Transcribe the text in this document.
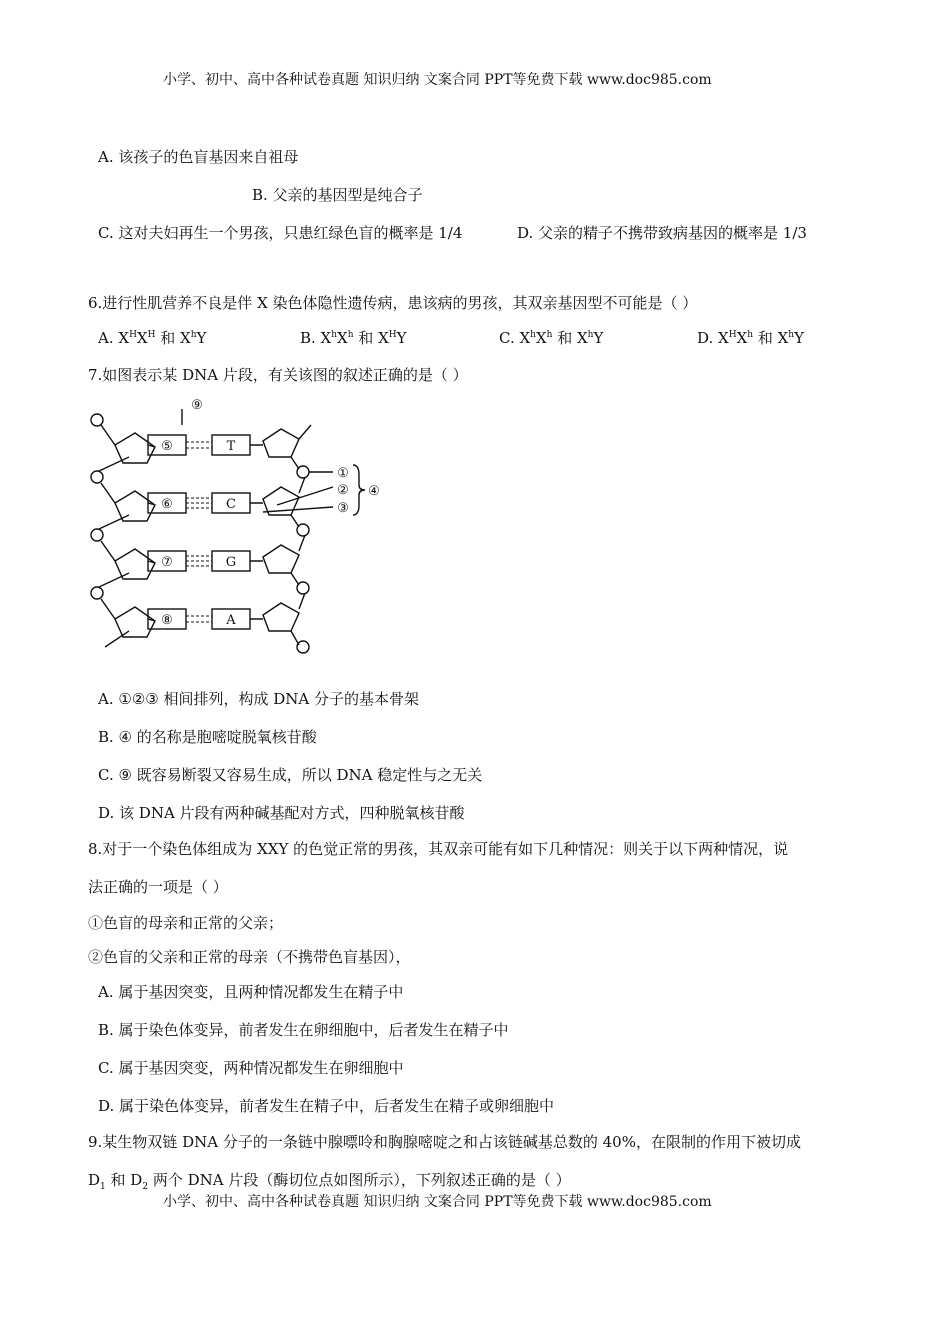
小学、初中、高中各种试卷真题 知识归纳 文案合同 PPT等免费下载 www.doc985.com
A. 该孩子的色盲基因来自祖母
B. 父亲的基因型是纯合子
C. 这对夫妇再生一个男孩，只患红绿色盲的概率是 1/4	D. 父亲的精子不携带致病基因的概率是 1/3
6.进行性肌营养不良是伴 X 染色体隐性遗传病，患该病的男孩，其双亲基因型不可能是（ ）
A. $X^HX^H$ 和 $X^hY$	B. $X^hX^h$ 和 $X^HY$	C. $X^hX^h$ 和 $X^hY$	D. $X^HX^h$ 和 $X^hY$
7.如图表示某 DNA 片段，有关该图的叙述正确的是（ ）
⑤
⑥
⑦
⑧
T
C
G
A
①
②
③
④
⑨
A. ①②③ 相间排列，构成 DNA 分子的基本骨架
B. ④ 的名称是胞嘧啶脱氧核苷酸
C. ⑨ 既容易断裂又容易生成，所以 DNA 稳定性与之无关
D. 该 DNA 片段有两种碱基配对方式，四种脱氧核苷酸
8.对于一个染色体组成为 XXY 的色觉正常的男孩，其双亲可能有如下几种情况：则关于以下两种情况，说
法正确的一项是（ ）
①色盲的母亲和正常的父亲；
②色盲的父亲和正常的母亲（不携带色盲基因），
A. 属于基因突变，且两种情况都发生在精子中
B. 属于染色体变异，前者发生在卵细胞中，后者发生在精子中
C. 属于基因突变，两种情况都发生在卵细胞中
D. 属于染色体变异，前者发生在精子中，后者发生在精子或卵细胞中
9.某生物双链 DNA 分子的一条链中腺嘌呤和胸腺嘧啶之和占该链碱基总数的 40%，在限制的作用下被切成
$D_1$ 和 $D_2$ 两个 DNA 片段（酶切位点如图所示），下列叙述正确的是（ ）
小学、初中、高中各种试卷真题 知识归纳 文案合同 PPT等免费下载 www.doc985.com
